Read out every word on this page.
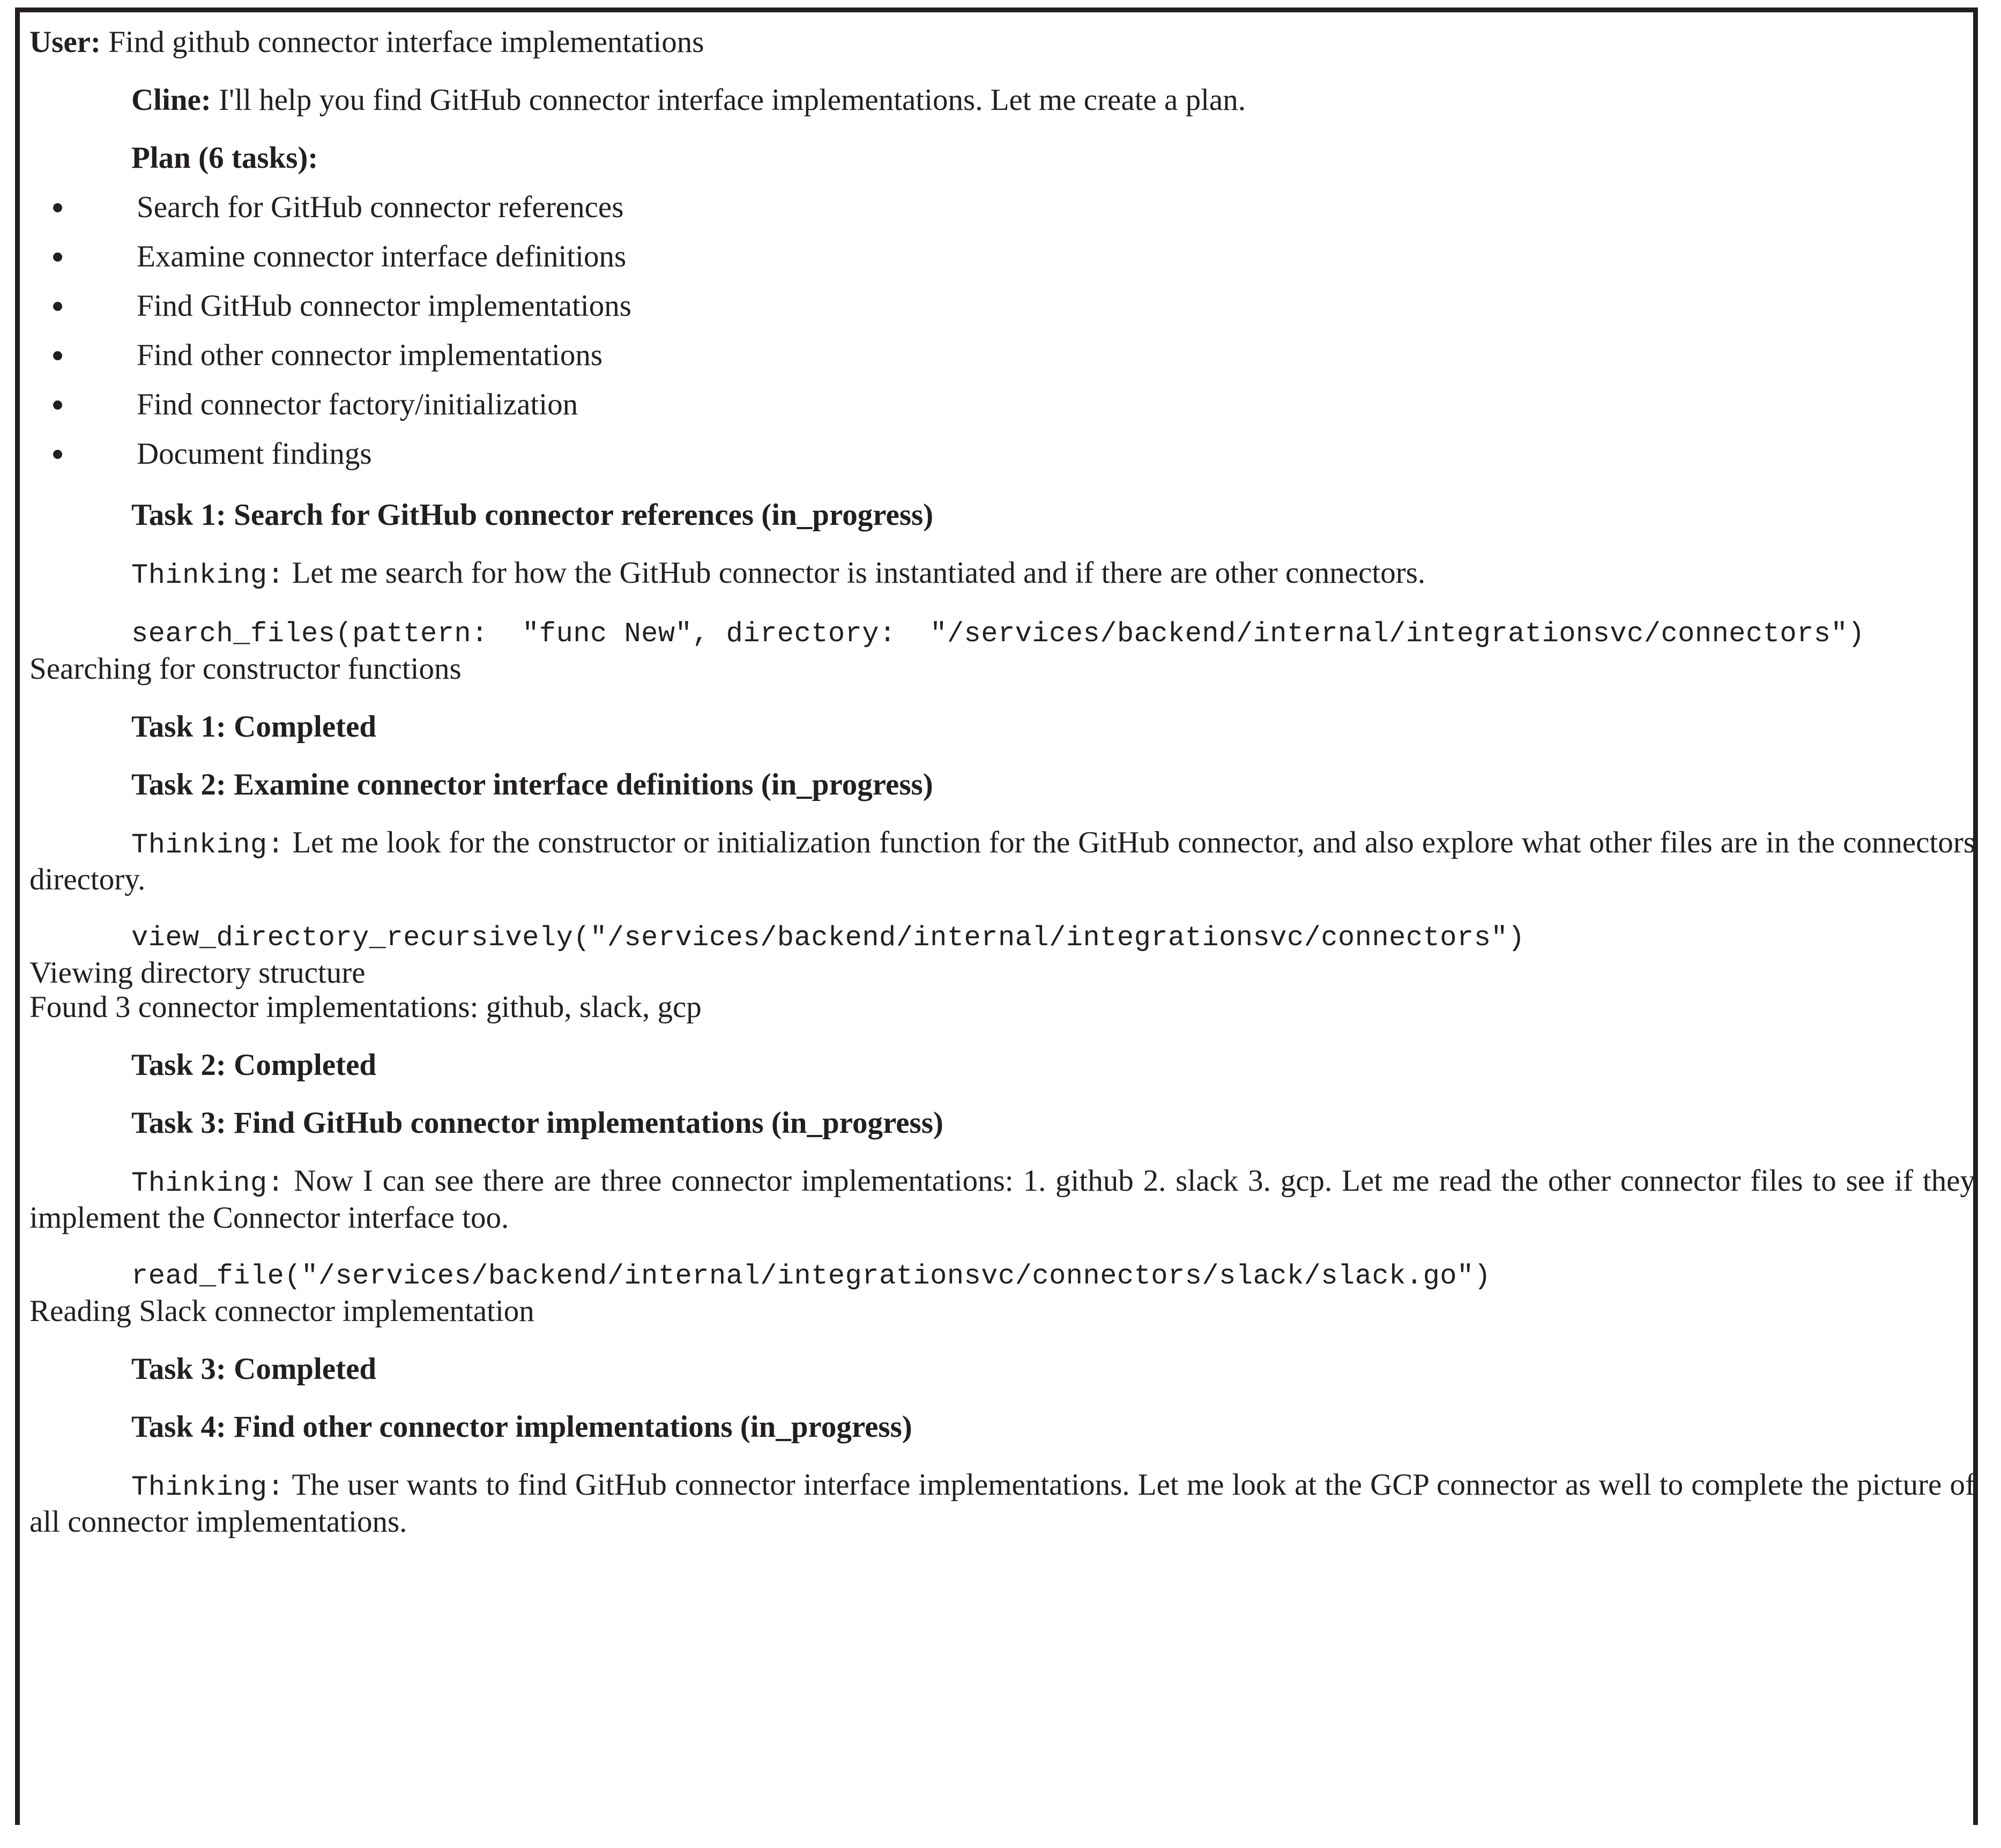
User: Find github connector interface implementations

Cline: I'll help you find GitHub connector interface implementations. Let me create a plan.

Plan (6 tasks):

Search for GitHub connector references
Examine connector interface definitions
Find GitHub connector implementations
Find other connector implementations
Find connector factory/initialization
Document findings

Task 1: Search for GitHub connector references (in_progress)

Thinking: Let me search for how the GitHub connector is instantiated and if there are other connectors.

search_files(pattern:  "func New", directory:  "/services/backend/internal/integrationsvc/connectors")

Searching for constructor functions

Task 1: Completed

Task 2: Examine connector interface definitions (in_progress)

Thinking: Let me look for the constructor or initialization function for the GitHub connector, and also explore what other files are in the connectors directory.

view_directory_recursively("/services/backend/internal/integrationsvc/connectors")

Viewing directory structure

Found 3 connector implementations: github, slack, gcp

Task 2: Completed

Task 3: Find GitHub connector implementations (in_progress)

Thinking: Now I can see there are three connector implementations: 1. github 2. slack 3. gcp. Let me read the other connector files to see if they implement the Connector interface too.

read_file("/services/backend/internal/integrationsvc/connectors/slack/slack.go")

Reading Slack connector implementation

Task 3: Completed

Task 4: Find other connector implementations (in_progress)

Thinking: The user wants to find GitHub connector interface implementations. Let me look at the GCP connector as well to complete the picture of all connector implementations.
